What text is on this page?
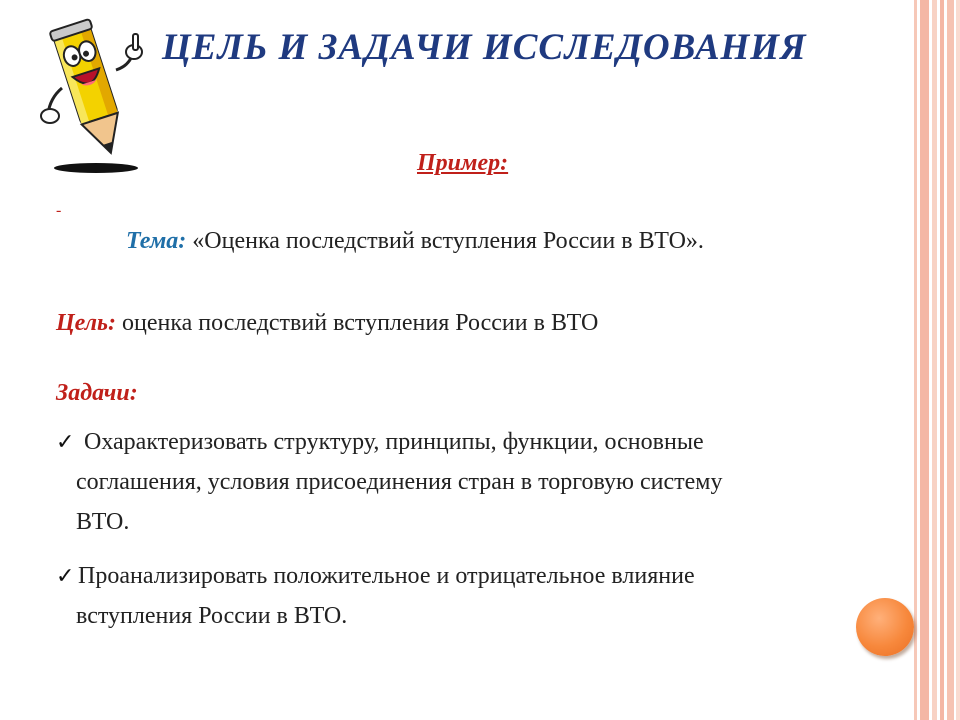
ЦЕЛЬ И ЗАДАЧИ ИССЛЕДОВАНИЯ
Пример:
-
Тема: «Оценка последствий вступления России в ВТО».
Цель: оценка последствий вступления России в ВТО
Задачи:
✓ Охарактеризовать структуру, принципы, функции, основные
соглашения, условия присоединения стран в торговую систему
ВТО.
✓ Проанализировать положительное и отрицательное влияние
вступления России в ВТО.
